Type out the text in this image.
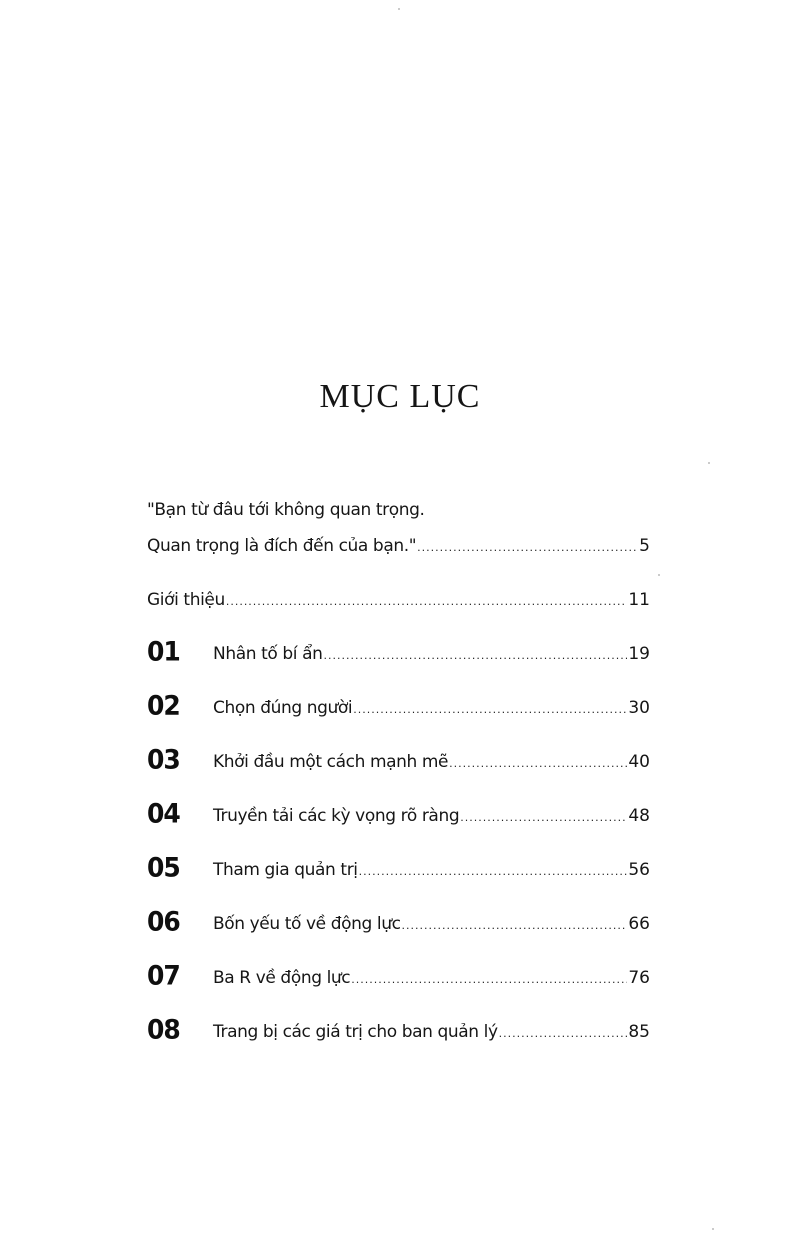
MỤC LỤC
"Bạn từ đâu tới không quan trọng.
Quan trọng là đích đến của bạn." .....	5
Giới thiệu .....	11
01 Nhân tố bí ẩn .....	19
02 Chọn đúng người .....	30
03 Khởi đầu một cách mạnh mẽ .....	40
04 Truyền tải các kỳ vọng rõ ràng .....	48
05 Tham gia quản trị .....	56
06 Bốn yếu tố về động lực .....	66
07 Ba R về động lực .....	76
08 Trang bị các giá trị cho ban quản lý .....	85
